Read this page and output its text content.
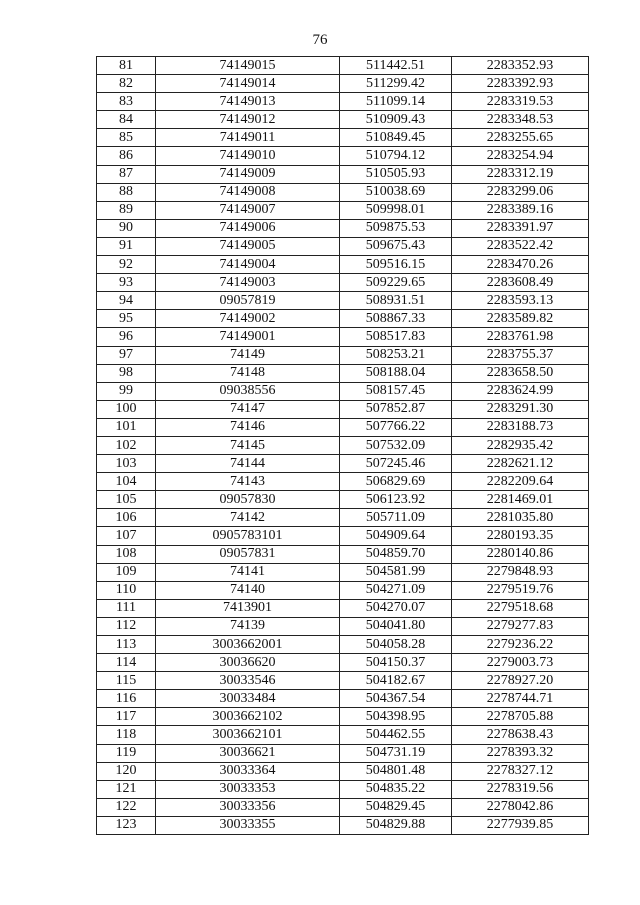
76
81	74149015	511442.51	2283352.93
82	74149014	511299.42	2283392.93
83	74149013	511099.14	2283319.53
84	74149012	510909.43	2283348.53
85	74149011	510849.45	2283255.65
86	74149010	510794.12	2283254.94
87	74149009	510505.93	2283312.19
88	74149008	510038.69	2283299.06
89	74149007	509998.01	2283389.16
90	74149006	509875.53	2283391.97
91	74149005	509675.43	2283522.42
92	74149004	509516.15	2283470.26
93	74149003	509229.65	2283608.49
94	09057819	508931.51	2283593.13
95	74149002	508867.33	2283589.82
96	74149001	508517.83	2283761.98
97	74149	508253.21	2283755.37
98	74148	508188.04	2283658.50
99	09038556	508157.45	2283624.99
100	74147	507852.87	2283291.30
101	74146	507766.22	2283188.73
102	74145	507532.09	2282935.42
103	74144	507245.46	2282621.12
104	74143	506829.69	2282209.64
105	09057830	506123.92	2281469.01
106	74142	505711.09	2281035.80
107	0905783101	504909.64	2280193.35
108	09057831	504859.70	2280140.86
109	74141	504581.99	2279848.93
110	74140	504271.09	2279519.76
111	7413901	504270.07	2279518.68
112	74139	504041.80	2279277.83
113	3003662001	504058.28	2279236.22
114	30036620	504150.37	2279003.73
115	30033546	504182.67	2278927.20
116	30033484	504367.54	2278744.71
117	3003662102	504398.95	2278705.88
118	3003662101	504462.55	2278638.43
119	30036621	504731.19	2278393.32
120	30033364	504801.48	2278327.12
121	30033353	504835.22	2278319.56
122	30033356	504829.45	2278042.86
123	30033355	504829.88	2277939.85
